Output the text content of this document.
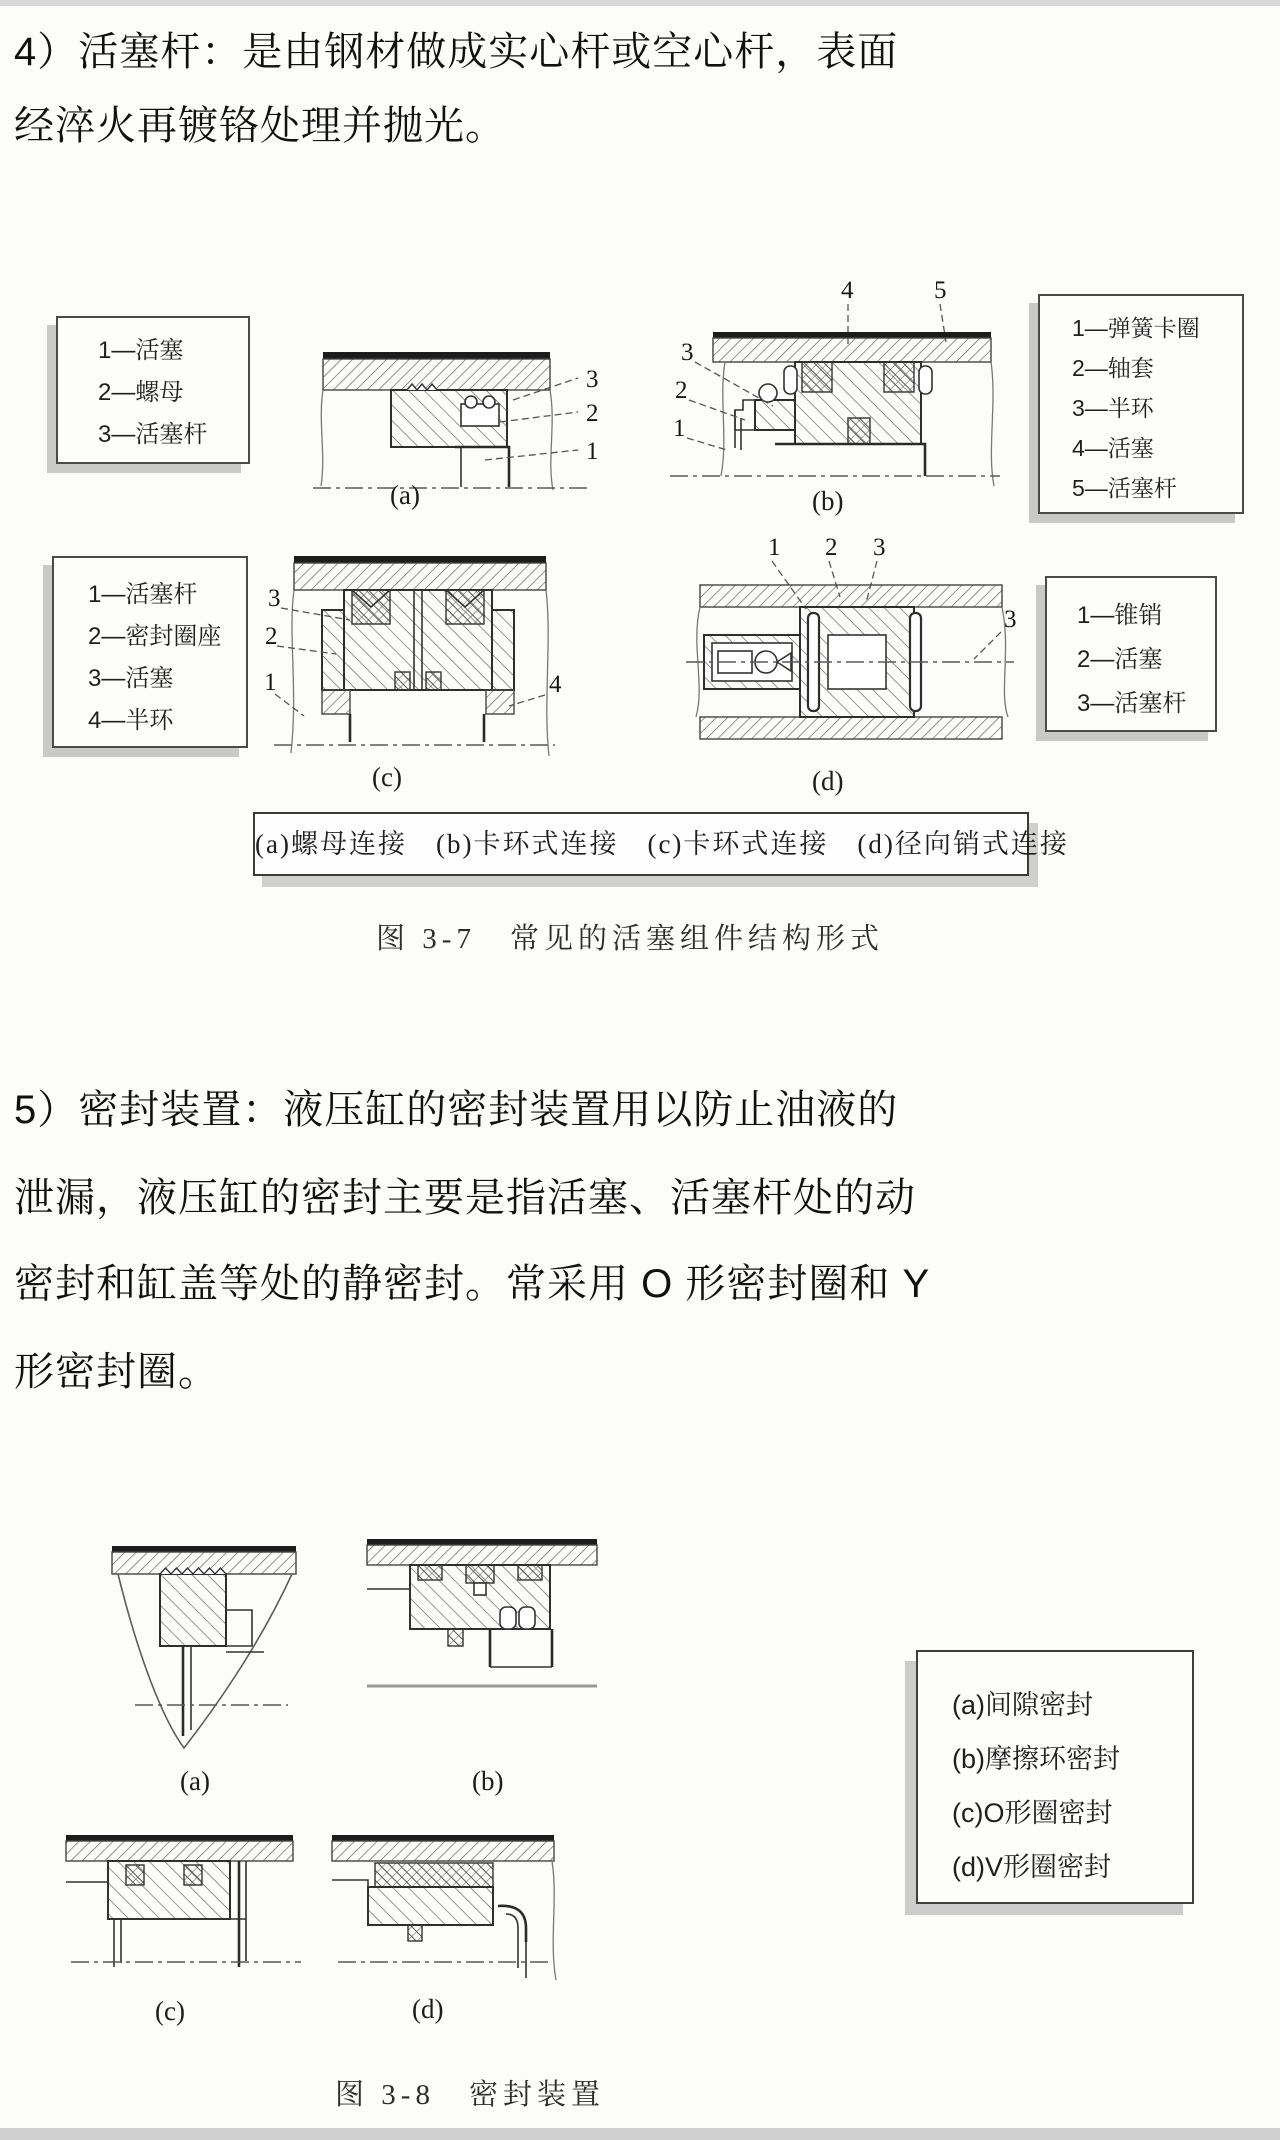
4）活塞杆：是由钢材做成实心杆或空心杆，表面
经淬火再镀铬处理并抛光。
1—活塞
2—螺母
3—活塞杆
3
2
1
(a)
4	5
3
2
1
(b)
1—弹簧卡圈
2—轴套
3—半环
4—活塞
5—活塞杆
1—活塞杆
2—密封圈座
3—活塞
4—半环
3
2
1	4
(c)
1 2 3
3
(d)
1—锥销
2—活塞
3—活塞杆
(a)螺母连接　(b)卡环式连接　(c)卡环式连接　(d)径向销式连接
图 3-7　常见的活塞组件结构形式
5）密封装置：液压缸的密封装置用以防止油液的
泄漏，液压缸的密封主要是指活塞、活塞杆处的动
密封和缸盖等处的静密封。常采用 O 形密封圈和 Y
形密封圈。
(a)	(b)
(a)间隙密封
(b)摩擦环密封
(c)O形圈密封
(d)V形圈密封
(c)	(d)
图 3-8　密封装置
